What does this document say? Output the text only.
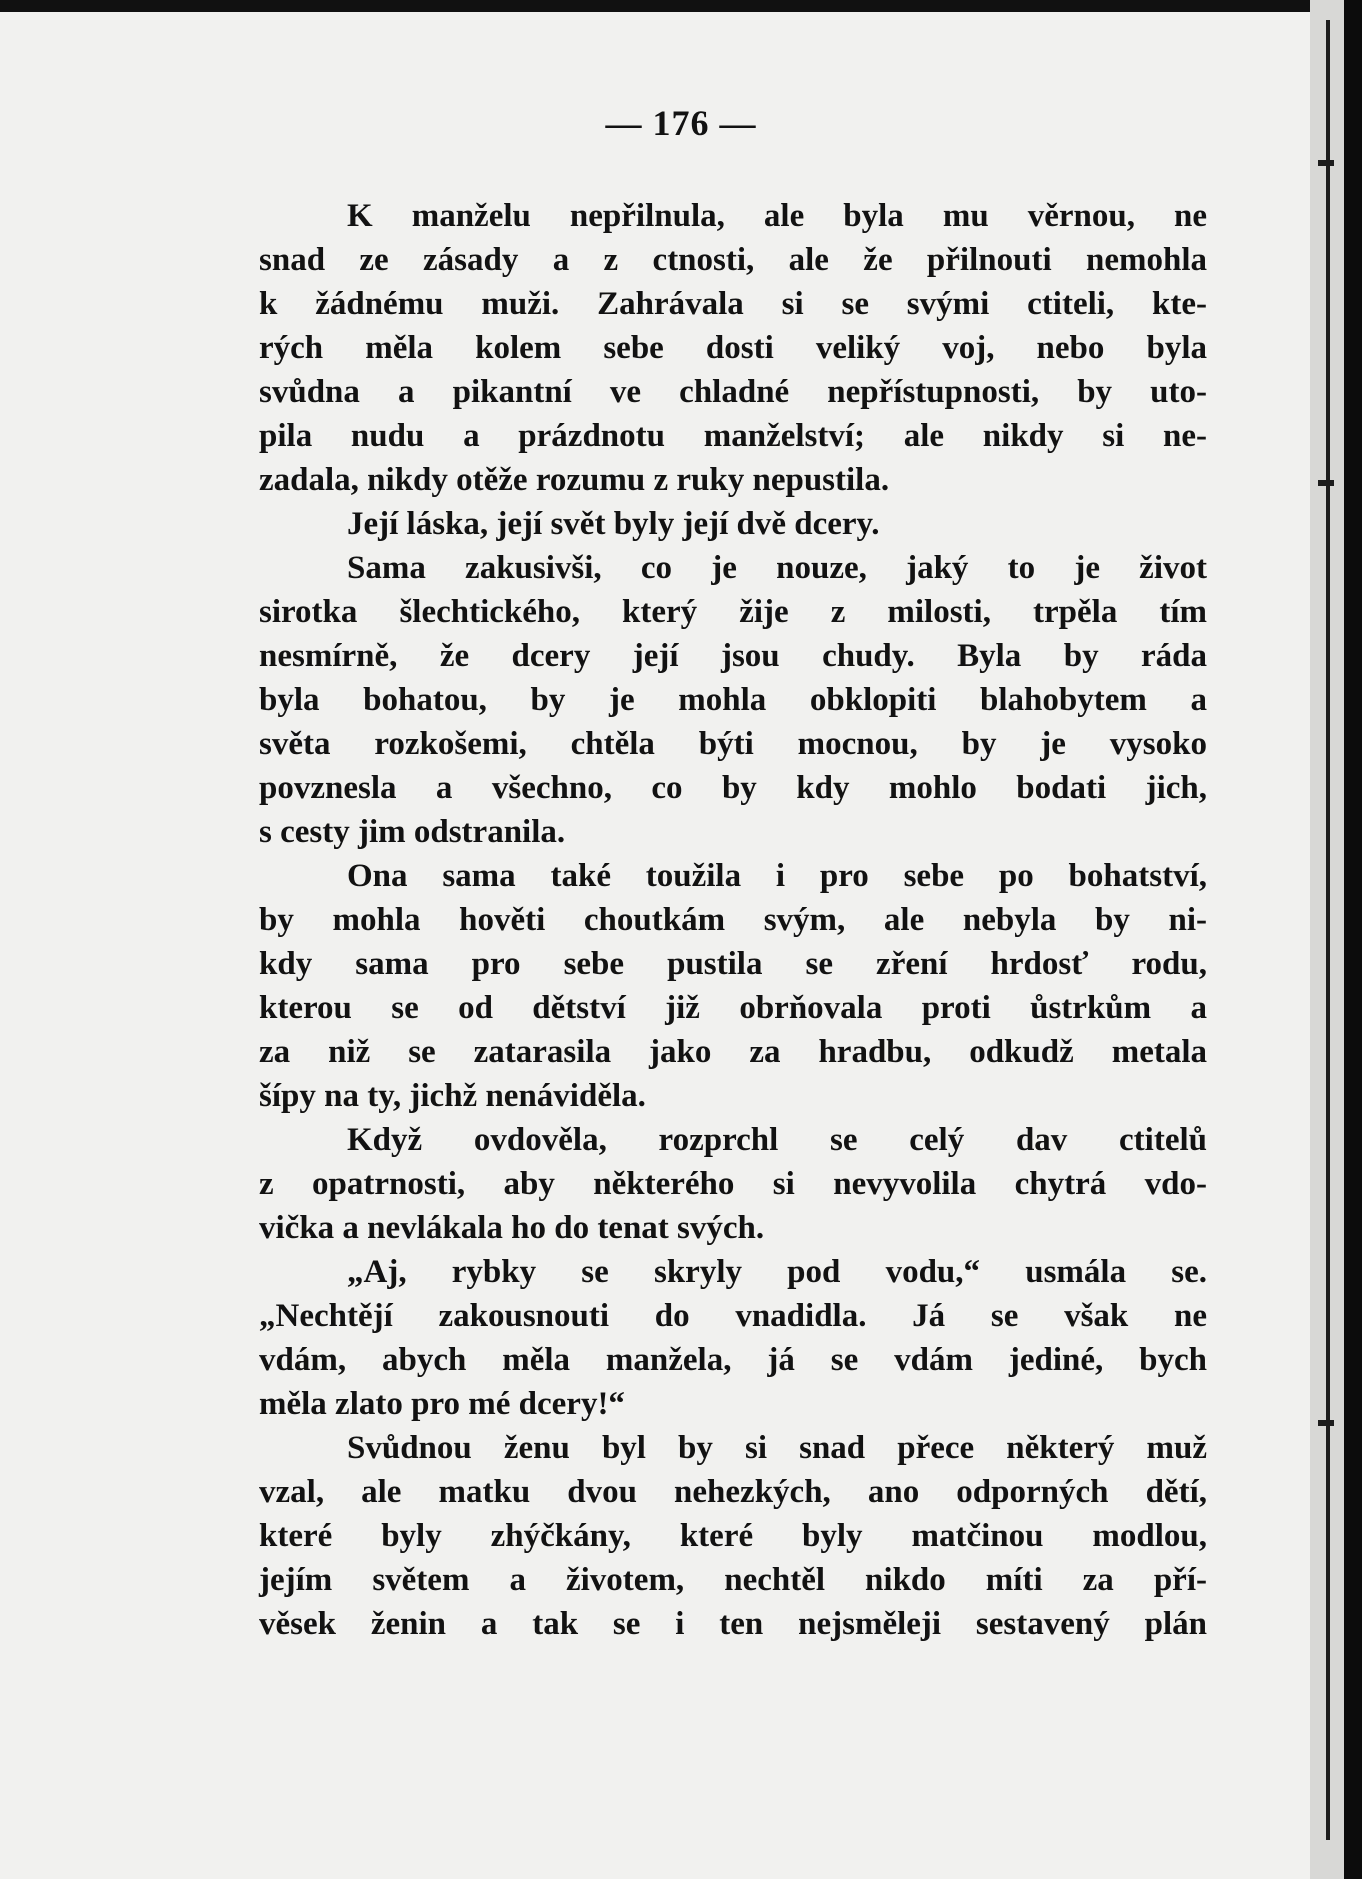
— 176 —
K manželu nepřilnula, ale byla mu věrnou, ne
snad ze zásady a z ctnosti, ale že přilnouti nemohla
k žádnému muži. Zahrávala si se svými ctiteli, kte-
rých měla kolem sebe dosti veliký voj, nebo byla
svůdna a pikantní ve chladné nepřístupnosti, by uto-
pila nudu a prázdnotu manželství; ale nikdy si ne-
zadala, nikdy otěže rozumu z ruky nepustila.
Její láska, její svět byly její dvě dcery.
Sama zakusivši, co je nouze, jaký to je život
sirotka šlechtického, který žije z milosti, trpěla tím
nesmírně, že dcery její jsou chudy. Byla by ráda
byla bohatou, by je mohla obklopiti blahobytem a
světa rozkošemi, chtěla býti mocnou, by je vysoko
povznesla a všechno, co by kdy mohlo bodati jich,
s cesty jim odstranila.
Ona sama také toužila i pro sebe po bohatství,
by mohla hověti choutkám svým, ale nebyla by ni-
kdy sama pro sebe pustila se zření hrdosť rodu,
kterou se od dětství již obrňovala proti ůstrkům a
za niž se zatarasila jako za hradbu, odkudž metala
šípy na ty, jichž nenáviděla.
Když ovdověla, rozprchl se celý dav ctitelů
z opatrnosti, aby některého si nevyvolila chytrá vdo-
vička a nevlákala ho do tenat svých.
„Aj, rybky se skryly pod vodu,“ usmála se.
„Nechtějí zakousnouti do vnadidla. Já se však ne
vdám, abych měla manžela, já se vdám jediné, bych
měla zlato pro mé dcery!“
Svůdnou ženu byl by si snad přece některý muž
vzal, ale matku dvou nehezkých, ano odporných dětí,
které byly zhýčkány, které byly matčinou modlou,
jejím světem a životem, nechtěl nikdo míti za pří-
věsek ženin a tak se i ten nejsměleji sestavený plán
